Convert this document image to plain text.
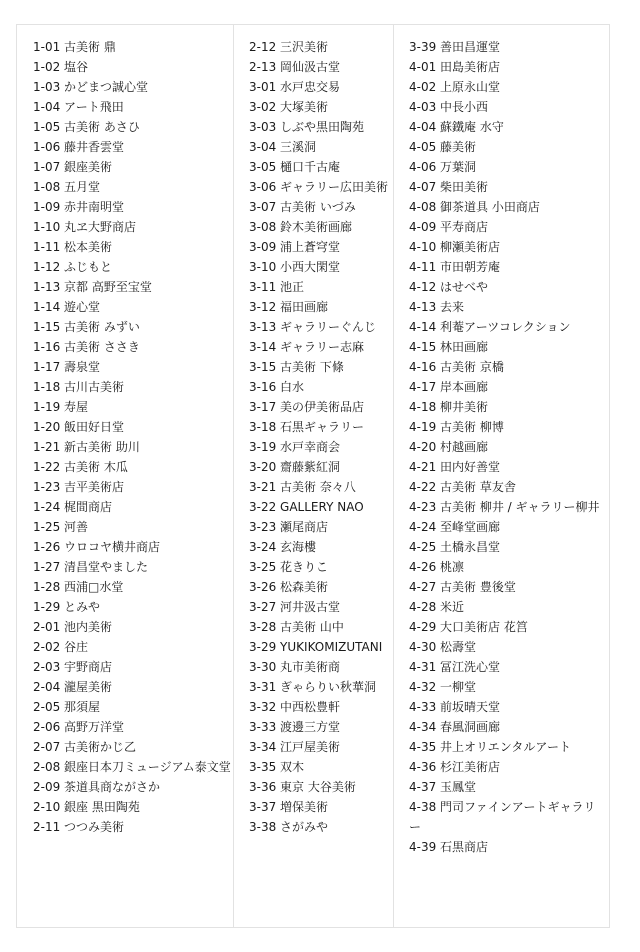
1-01 古美術 鼎
1-02 塩谷
1-03 かどまつ誠心堂
1-04 アート飛田
1-05 古美術 あさひ
1-06 藤井香雲堂
1-07 銀座美術
1-08 五月堂
1-09 赤井南明堂
1-10 丸ヱ大野商店
1-11 松本美術
1-12 ふじもと
1-13 京都 高野至宝堂
1-14 遊心堂
1-15 古美術 みずい
1-16 古美術 ささき
1-17 壽泉堂
1-18 古川古美術
1-19 寿屋
1-20 飯田好日堂
1-21 新古美術 助川
1-22 古美術 木瓜
1-23 吉平美術店
1-24 梶間商店
1-25 河善
1-26 ウロコヤ横井商店
1-27 清昌堂やました
1-28 西浦□水堂
1-29 とみや
2-01 池内美術
2-02 谷庄
2-03 宇野商店
2-04 瀧屋美術
2-05 那須屋
2-06 高野万洋堂
2-07 古美術かじ乙
2-08 銀座日本刀ミュージアム泰文堂
2-09 茶道具商ながさか
2-10 銀座 黒田陶苑
2-11 つつみ美術
2-12 三沢美術
2-13 岡仙汲古堂
3-01 水戸忠交易
3-02 大塚美術
3-03 しぶや黒田陶苑
3-04 三溪洞
3-05 樋口千古庵
3-06 ギャラリー広田美術
3-07 古美術 いづみ
3-08 鈴木美術画廊
3-09 浦上蒼穹堂
3-10 小西大閑堂
3-11 池正
3-12 福田画廊
3-13 ギャラリーぐんじ
3-14 ギャラリー志麻
3-15 古美術 下條
3-16 白水
3-17 美の伊美術品店
3-18 石黒ギャラリー
3-19 水戸幸商会
3-20 齋藤紫紅洞
3-21 古美術 奈々八
3-22 GALLERY NAO
3-23 瀬尾商店
3-24 玄海樓
3-25 花きりこ
3-26 松森美術
3-27 河井汲古堂
3-28 古美術 山中
3-29 YUKIKOMIZUTANI
3-30 丸市美術商
3-31 ぎゃらりい秋華洞
3-32 中西松豊軒
3-33 渡邊三方堂
3-34 江戸屋美術
3-35 双木
3-36 東京 大谷美術
3-37 増保美術
3-38 さがみや
3-39 善田昌運堂
4-01 田島美術店
4-02 上原永山堂
4-03 中長小西
4-04 蘇鐵庵 水守
4-05 藤美術
4-06 万葉洞
4-07 柴田美術
4-08 御茶道具 小田商店
4-09 平寿商店
4-10 柳瀬美術店
4-11 市田朝芳庵
4-12 はせべや
4-13 去来
4-14 利菴アーツコレクション
4-15 林田画廊
4-16 古美術 京橋
4-17 岸本画廊
4-18 柳井美術
4-19 古美術 柳博
4-20 村越画廊
4-21 田内好善堂
4-22 古美術 草友舎
4-23 古美術 柳井 / ギャラリー柳井
4-24 至峰堂画廊
4-25 土橋永昌堂
4-26 桃凛
4-27 古美術 豊後堂
4-28 米近
4-29 大口美術店 花筥
4-30 松壽堂
4-31 冨江洗心堂
4-32 一柳堂
4-33 前坂晴天堂
4-34 春風洞画廊
4-35 井上オリエンタルアート
4-36 杉江美術店
4-37 玉鳳堂
4-38 門司ファインアートギャラリー
4-39 石黒商店
